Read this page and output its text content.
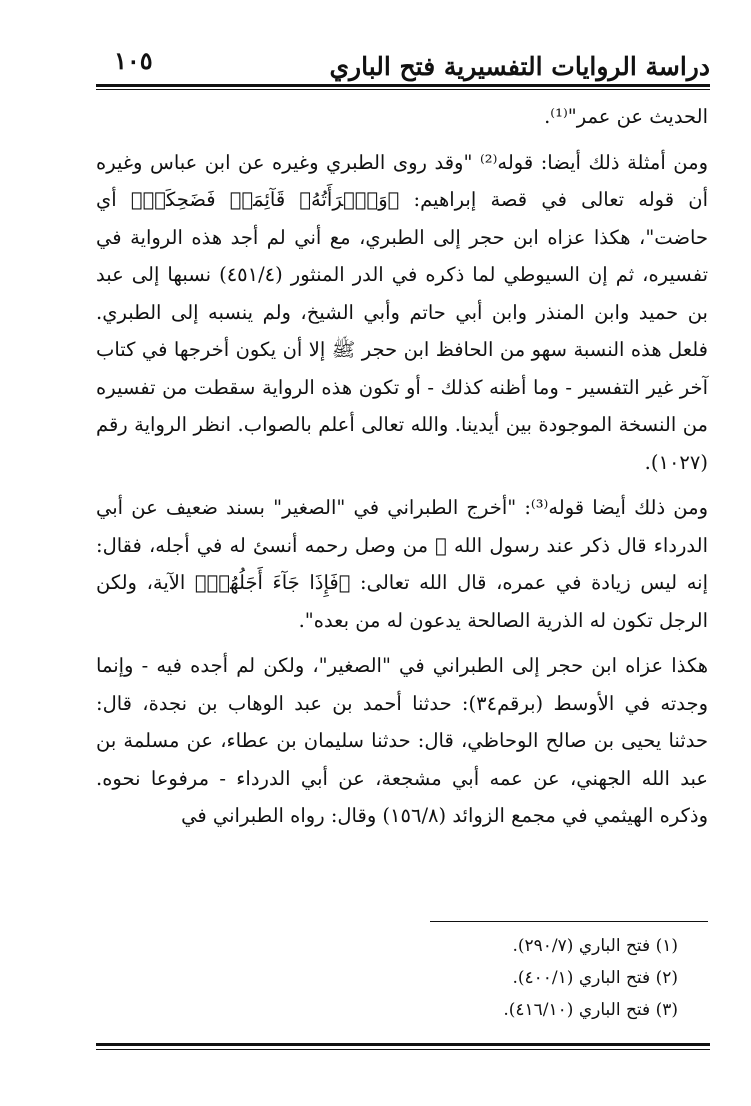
دراسة الروايات التفسيرية فتح الباري
١٠٥

الحديث عن عمر"⁽¹⁾.

ومن أمثلة ذلك أيضا: قوله⁽²⁾ "وقد روى الطبري وغيره عن ابن عباس وغيره أن قوله تعالى في قصة إبراهيم: ﴿وَٱمۡرَأَتُهُۥ قَآئِمَةٞ فَضَحِكَتۡ﴾ أي حاضت"، هكذا عزاه ابن حجر إلى الطبري، مع أني لم أجد هذه الرواية في تفسيره، ثم إن السيوطي لما ذكره في الدر المنثور (٤٥١/٤) نسبها إلى عبد بن حميد وابن المنذر وابن أبي حاتم وأبي الشيخ، ولم ينسبه إلى الطبري. فلعل هذه النسبة سهو من الحافظ ابن حجر ﷺ إلا أن يكون أخرجها في كتاب آخر غير التفسير - وما أظنه كذلك - أو تكون هذه الرواية سقطت من تفسيره من النسخة الموجودة بين أيدينا. والله تعالى أعلم بالصواب. انظر الرواية رقم (١٠٢٧).

ومن ذلك أيضا قوله⁽³⁾: "أخرج الطبراني في "الصغير" بسند ضعيف عن أبي الدرداء قال ذكر عند رسول الله ﷺ من وصل رحمه أنسئ له في أجله، فقال: إنه ليس زيادة في عمره، قال الله تعالى: ﴿فَإِذَا جَآءَ أَجَلُهُمۡ﴾ الآية، ولكن الرجل تكون له الذرية الصالحة يدعون له من بعده".

هكذا عزاه ابن حجر إلى الطبراني في "الصغير"، ولكن لم أجده فيه - وإنما وجدته في الأوسط (برقم٣٤): حدثنا أحمد بن عبد الوهاب بن نجدة، قال: حدثنا يحيى بن صالح الوحاظي، قال: حدثنا سليمان بن عطاء، عن مسلمة بن عبد الله الجهني، عن عمه أبي مشجعة، عن أبي الدرداء - مرفوعا نحوه. وذكره الهيثمي في مجمع الزوائد (١٥٦/٨) وقال: رواه الطبراني في

(١) فتح الباري (٢٩٠/٧).
(٢) فتح الباري (٤٠٠/١).
(٣) فتح الباري (٤١٦/١٠).
